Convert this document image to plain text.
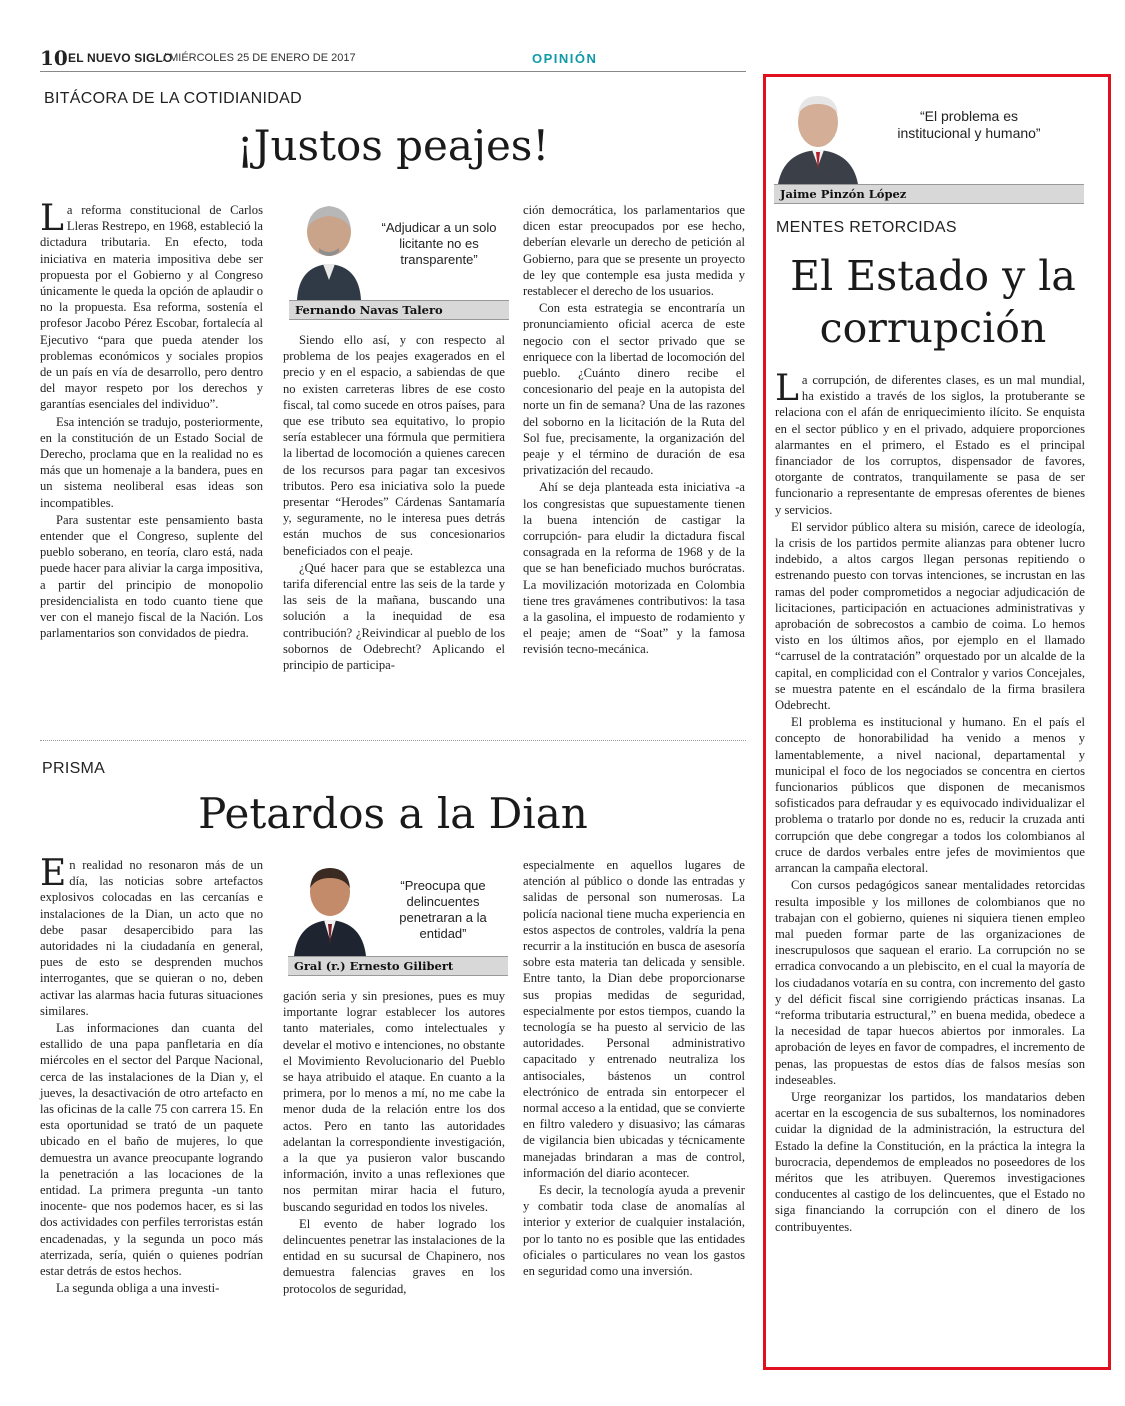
10 EL NUEVO SIGLO
/ MIÉRCOLES 25 DE ENERO DE 2017	OPINIÓN
BITÁCORA DE LA COTIDIANIDAD
¡Justos peajes!
L a reforma constitucional de Carlos Lleras Restrepo, en 1968, estableció la dictadura tributaria. En efecto, toda iniciativa en materia impositiva debe ser propuesta por el Gobierno y al Congreso únicamente le queda la opción de aplaudir o no la propuesta. Esa reforma, sostenía el profesor Jacobo Pérez Escobar, fortalecía al Ejecutivo “para que pueda atender los problemas económicos y sociales propios de un país en vía de desarrollo, pero dentro del mayor respeto por los derechos y garantías esenciales del individuo”.

Esa intención se tradujo, posteriormente, en la constitución de un Estado Social de Derecho, proclama que en la realidad no es más que un homenaje a la bandera, pues en un sistema neoliberal esas ideas son incompatibles.

Para sustentar este pensamiento basta entender que el Congreso, suplente del pueblo soberano, en teoría, claro está, nada puede hacer para aliviar la carga impositiva, a partir del principio de monopolio presidencialista en todo cuanto tiene que ver con el manejo fiscal de la Nación. Los parlamentarios son convidados de piedra.

“Adjudicar a un solo licitante no es transparente”
Fernando Navas Talero

Siendo ello así, y con respecto al problema de los peajes exagerados en el precio y en el espacio, a sabiendas de que no existen carreteras libres de ese costo fiscal, tal como sucede en otros países, para que ese tributo sea equitativo, lo propio sería establecer una fórmula que permitiera la libertad de locomoción a quienes carecen de los recursos para pagar tan excesivos tributos. Pero esa iniciativa solo la puede presentar “Herodes” Cárdenas Santamaría y, seguramente, no le interesa pues detrás están muchos de sus concesionarios beneficiados con el peaje.

¿Qué hacer para que se establezca una tarifa diferencial entre las seis de la tarde y las seis de la mañana, buscando una solución a la inequidad de esa contribución? ¿Reivindicar al pueblo de los sobornos de Odebrecht? Aplicando el principio de participa-

ción democrática, los parlamentarios que dicen estar preocupados por ese hecho, deberían elevarle un derecho de petición al Gobierno, para que se presente un proyecto de ley que contemple esa justa medida y restablecer el derecho de los usuarios.

Con esta estrategia se encontraría un pronunciamiento oficial acerca de este negocio con el sector privado que se enriquece con la libertad de locomoción del pueblo. ¿Cuánto dinero recibe el concesionario del peaje en la autopista del norte un fin de semana? Una de las razones del soborno en la licitación de la Ruta del Sol fue, precisamente, la organización del peaje y el término de duración de esa privatización del recaudo.

Ahí se deja planteada esta iniciativa -a los congresistas que supuestamente tienen la buena intención de castigar la corrupción- para eludir la dictadura fiscal consagrada en la reforma de 1968 y de la que se han beneficiado muchos burócratas. La movilización motorizada en Colombia tiene tres gravámenes contributivos: la tasa a la gasolina, el impuesto de rodamiento y el peaje; amen de “Soat” y la famosa revisión tecno-mecánica.

PRISMA
Petardos a la Dian
E n realidad no resonaron más de un día, las noticias sobre artefactos explosivos colocadas en las cercanías e instalaciones de la Dian, un acto que no debe pasar desapercibido para las autoridades ni la ciudadanía en general, pues de esto se desprenden muchos interrogantes, que se quieran o no, deben activar las alarmas hacia futuras situaciones similares.

Las informaciones dan cuanta del estallido de una papa panfletaria en día miércoles en el sector del Parque Nacional, cerca de las instalaciones de la Dian y, el jueves, la desactivación de otro artefacto en las oficinas de la calle 75 con carrera 15. En esta oportunidad se trató de un paquete ubicado en el baño de mujeres, lo que demuestra un avance preocupante logrando la penetración a las locaciones de la entidad. La primera pregunta -un tanto inocente- que nos podemos hacer, es si las dos actividades con perfiles terroristas están encadenadas, y la segunda un poco más aterrizada, sería, quién o quienes podrían estar detrás de estos hechos.

La segunda obliga a una investi-

“Preocupa que delincuentes penetraran a la entidad”
Gral (r.) Ernesto Gilibert

gación seria y sin presiones, pues es muy importante lograr establecer los autores tanto materiales, como intelectuales y develar el motivo e intenciones, no obstante el Movimiento Revolucionario del Pueblo se haya atribuido el ataque. En cuanto a la primera, por lo menos a mí, no me cabe la menor duda de la relación entre los dos actos. Pero en tanto las autoridades adelantan la correspondiente investigación, a la que ya pusieron valor buscando información, invito a unas reflexiones que nos permitan mirar hacia el futuro, buscando seguridad en todos los niveles.

El evento de haber logrado los delincuentes penetrar las instalaciones de la entidad en su sucursal de Chapinero, nos demuestra falencias graves en los protocolos de seguridad,

especialmente en aquellos lugares de atención al público o donde las entradas y salidas de personal son numerosas. La policía nacional tiene mucha experiencia en estos aspectos de controles, valdría la pena recurrir a la institución en busca de asesoría sobre esta materia tan delicada y sensible. Entre tanto, la Dian debe proporcionarse sus propias medidas de seguridad, especialmente por estos tiempos, cuando la tecnología se ha puesto al servicio de las autoridades. Personal administrativo capacitado y entrenado neutraliza los antisociales, bástenos un control electrónico de entrada sin entorpecer el normal acceso a la entidad, que se convierte en filtro valedero y disuasivo; las cámaras de vigilancia bien ubicadas y técnicamente manejadas brindaran a mas de control, información del diario acontecer.

Es decir, la tecnología ayuda a prevenir y combatir toda clase de anomalías al interior y exterior de cualquier instalación, por lo tanto no es posible que las entidades oficiales o particulares no vean los gastos en seguridad como una inversión.

“El problema es institucional y humano”
Jaime Pinzón López
MENTES RETORCIDAS
El Estado y la
corrupción
L a corrupción, de diferentes clases, es un mal mundial, ha existido a través de los siglos, la protuberante se relaciona con el afán de enriquecimiento ilícito. Se enquista en el sector público y en el privado, adquiere proporciones alarmantes en el primero, el Estado es el principal financiador de los corruptos, dispensador de favores, otorgante de contratos, tranquilamente se pasa de ser funcionario a representante de empresas oferentes de bienes y servicios.

El servidor público altera su misión, carece de ideología, la crisis de los partidos permite alianzas para obtener lucro indebido, a altos cargos llegan personas repitiendo o estrenando puesto con torvas intenciones, se incrustan en las ramas del poder comprometidos a negociar adjudicación de licitaciones, participación en actuaciones administrativas y aprobación de sobrecostos a cambio de coima. Lo hemos visto en los últimos años, por ejemplo en el llamado “carrusel de la contratación” orquestado por un alcalde de la capital, en complicidad con el Contralor y varios Concejales, se muestra patente en el escándalo de la firma brasilera Odebrecht.

El problema es institucional y humano. En el país el concepto de honorabilidad ha venido a menos y lamentablemente, a nivel nacional, departamental y municipal el foco de los negociados se concentra en ciertos funcionarios públicos que disponen de mecanismos sofisticados para defraudar y es equivocado individualizar el problema o tratarlo por donde no es, reducir la cruzada anti corrupción que debe congregar a todos los colombianos al cruce de dardos verbales entre jefes de movimientos que arrancan la campaña electoral.

Con cursos pedagógicos sanear mentalidades retorcidas resulta imposible y los millones de colombianos que no trabajan con el gobierno, quienes ni siquiera tienen empleo mal pueden formar parte de las organizaciones de inescrupulosos que saquean el erario. La corrupción no se erradica convocando a un plebiscito, en el cual la mayoría de los ciudadanos votaría en su contra, con incremento del gasto y del déficit fiscal sine corrigiendo prácticas insanas. La “reforma tributaria estructural,” en buena medida, obedece a la necesidad de tapar huecos abiertos por inmorales. La aprobación de leyes en favor de compadres, el incremento de penas, las propuestas de estos días de falsos mesías son indeseables.

Urge reorganizar los partidos, los mandatarios deben acertar en la escogencia de sus subalternos, los nominadores cuidar la dignidad de la administración, la estructura del Estado la define la Constitución, en la práctica la integra la burocracia, dependemos de empleados no poseedores de los méritos que les atribuyen. Queremos investigaciones conducentes al castigo de los delincuentes, que el Estado no siga financiando la corrupción con el dinero de los contribuyentes.
